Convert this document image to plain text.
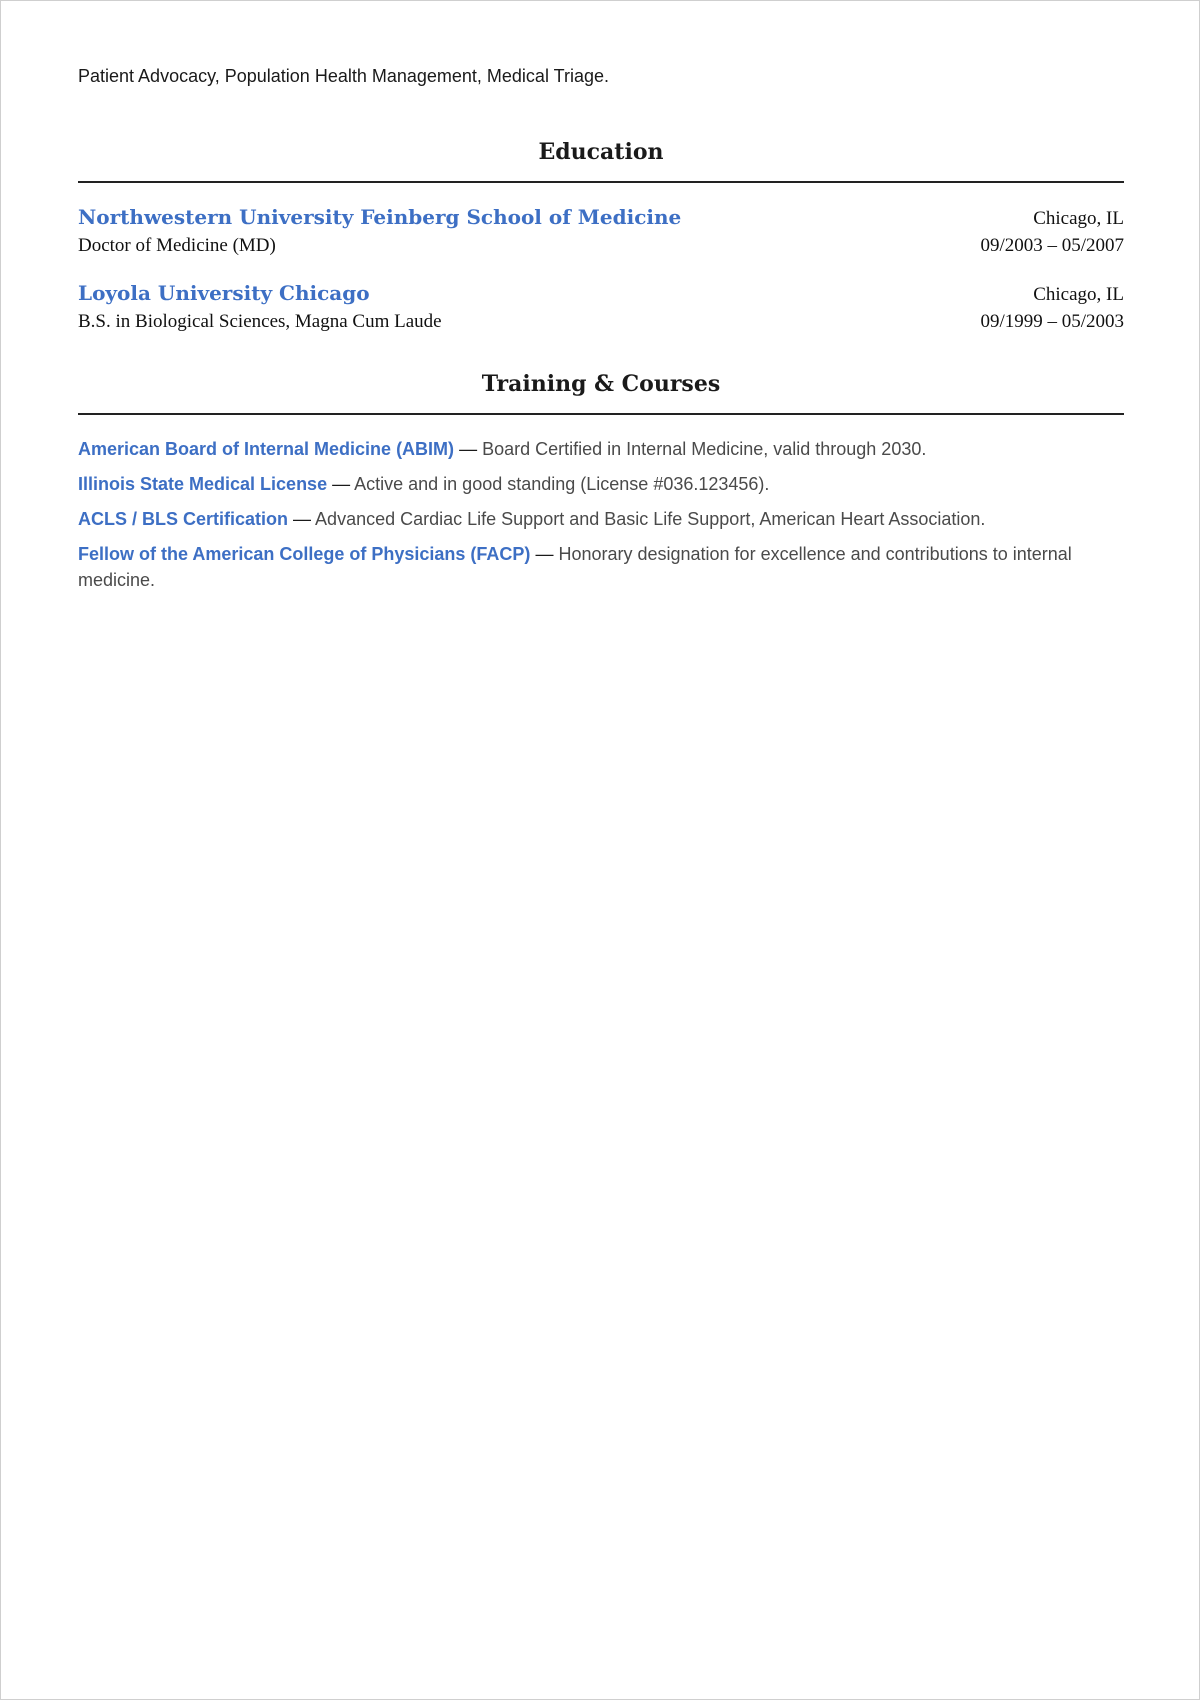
Patient Advocacy, Population Health Management, Medical Triage.

Education
Northwestern University Feinberg School of Medicine	Chicago, IL
Doctor of Medicine (MD)	09/2003 – 05/2007
Loyola University Chicago	Chicago, IL
B.S. in Biological Sciences, Magna Cum Laude	09/1999 – 05/2003
Training & Courses

American Board of Internal Medicine (ABIM) — Board Certified in Internal Medicine, valid through 2030.

Illinois State Medical License — Active and in good standing (License #036.123456).

ACLS / BLS Certification — Advanced Cardiac Life Support and Basic Life Support, American Heart Association.

Fellow of the American College of Physicians (FACP) — Honorary designation for excellence and contributions to internal medicine.
